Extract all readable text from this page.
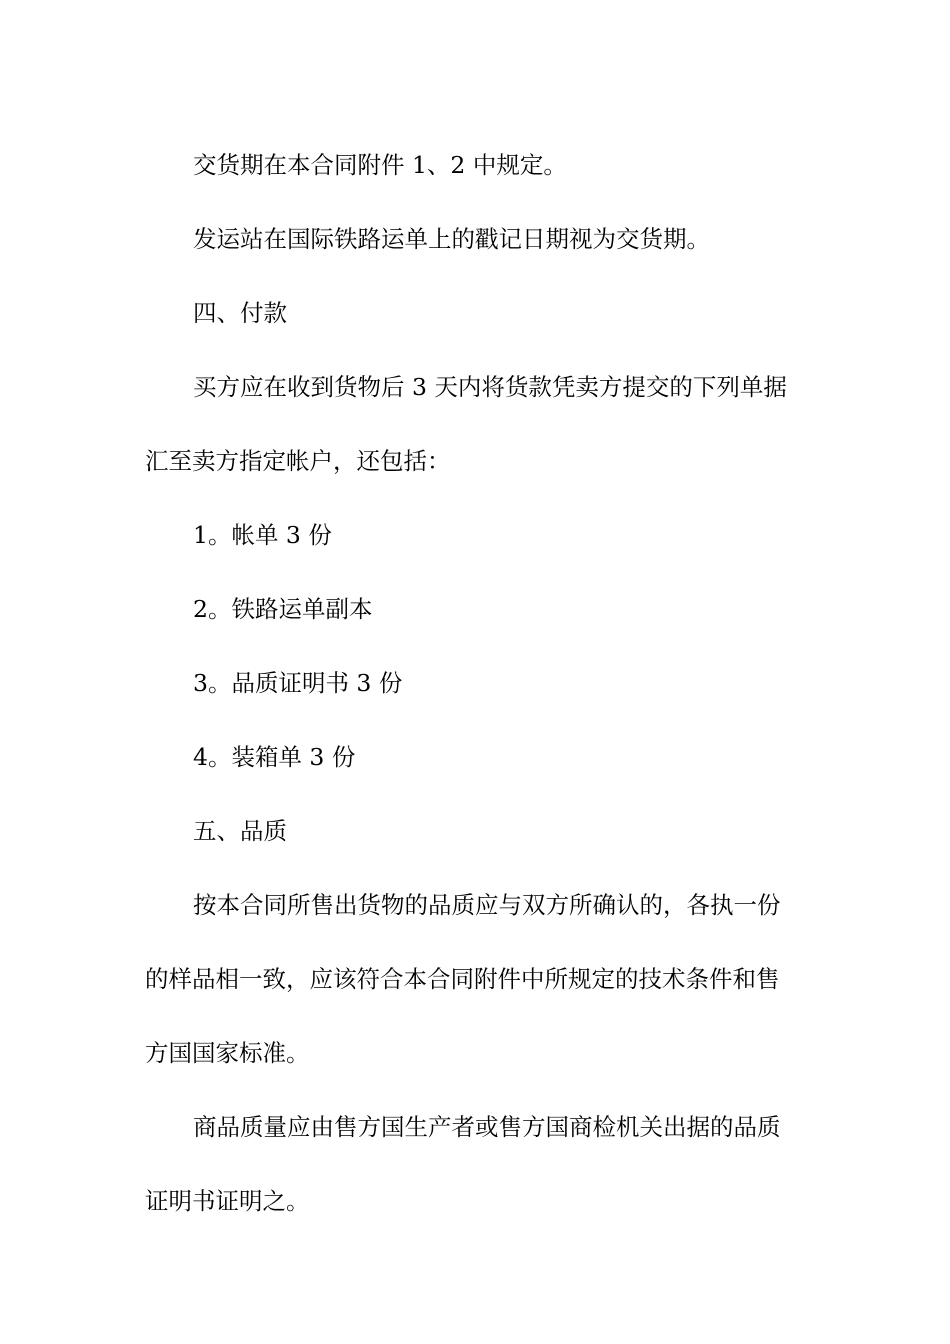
交货期在本合同附件 1、2 中规定。

发运站在国际铁路运单上的戳记日期视为交货期。

四、付款

买方应在收到货物后 3 天内将货款凭卖方提交的下列单据

汇至卖方指定帐户，还包括：

1。帐单 3 份

2。铁路运单副本

3。品质证明书 3 份

4。装箱单 3 份

五、品质

按本合同所售出货物的品质应与双方所确认的，各执一份

的样品相一致，应该符合本合同附件中所规定的技术条件和售

方国国家标准。

商品质量应由售方国生产者或售方国商检机关出据的品质

证明书证明之。
